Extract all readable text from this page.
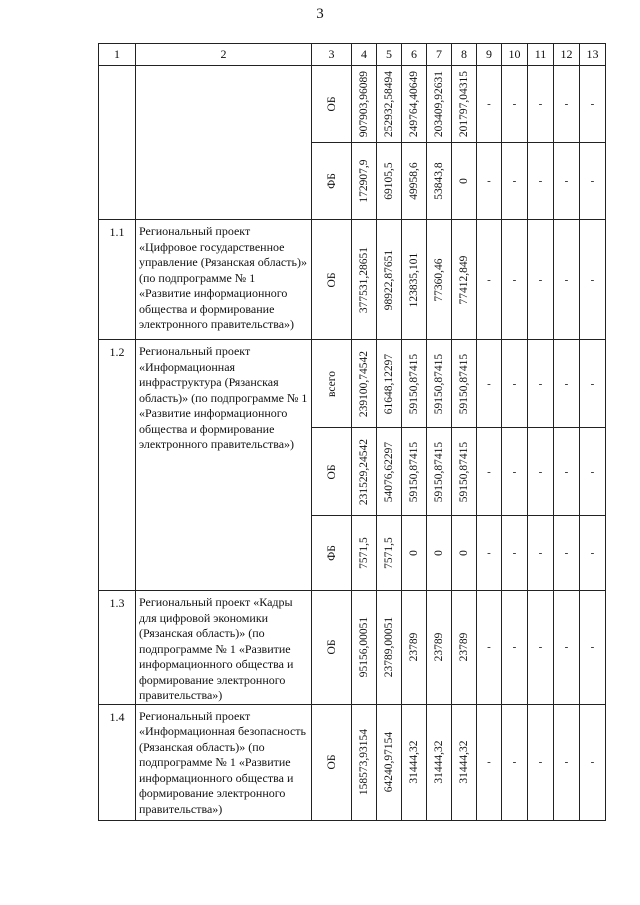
3
1	2	3	4	5	6	7	8	9	10	11	12	13

		ОБ	907903,96089	252932,58494	249764,40649	203409,92631	201797,04315	-	-	-	-	-

		ФБ	172907,9	69105,5	49958,6	53843,8	0	-	-	-	-	-
1.1	Региональный проект «Цифровое государственное управление (Рязанская область)» (по подпрограмме № 1 «Развитие информационного общества и формирование электронного правительства»)	ОБ	377531,28651	98922,87651	123835,101	77360,46	77412,849	-	-	-	-	-
1.2	Региональный проект «Информационная инфраструктура (Рязанская область)» (по подпрограмме № 1 «Развитие информационного общества и формирование электронного правительства»)	всего	239100,74542	61648,12297	59150,87415	59150,87415	59150,87415	-	-	-	-	-

		ОБ	231529,24542	54076,62297	59150,87415	59150,87415	59150,87415	-	-	-	-	-

		ФБ	7571,5	7571,5	0	0	0	-	-	-	-	-
1.3	Региональный проект «Кадры для цифровой экономики (Рязанская область)» (по подпрограмме № 1 «Развитие информационного общества и формирование электронного правительства»)	ОБ	95156,00051	23789,00051	23789	23789	23789	-	-	-	-	-
1.4	Региональный проект «Информационная безопасность (Рязанская область)» (по подпрограмме № 1 «Развитие информационного общества и формирование электронного правительства»)	ОБ	158573,93154	64240,97154	31444,32	31444,32	31444,32	-	-	-	-	-
